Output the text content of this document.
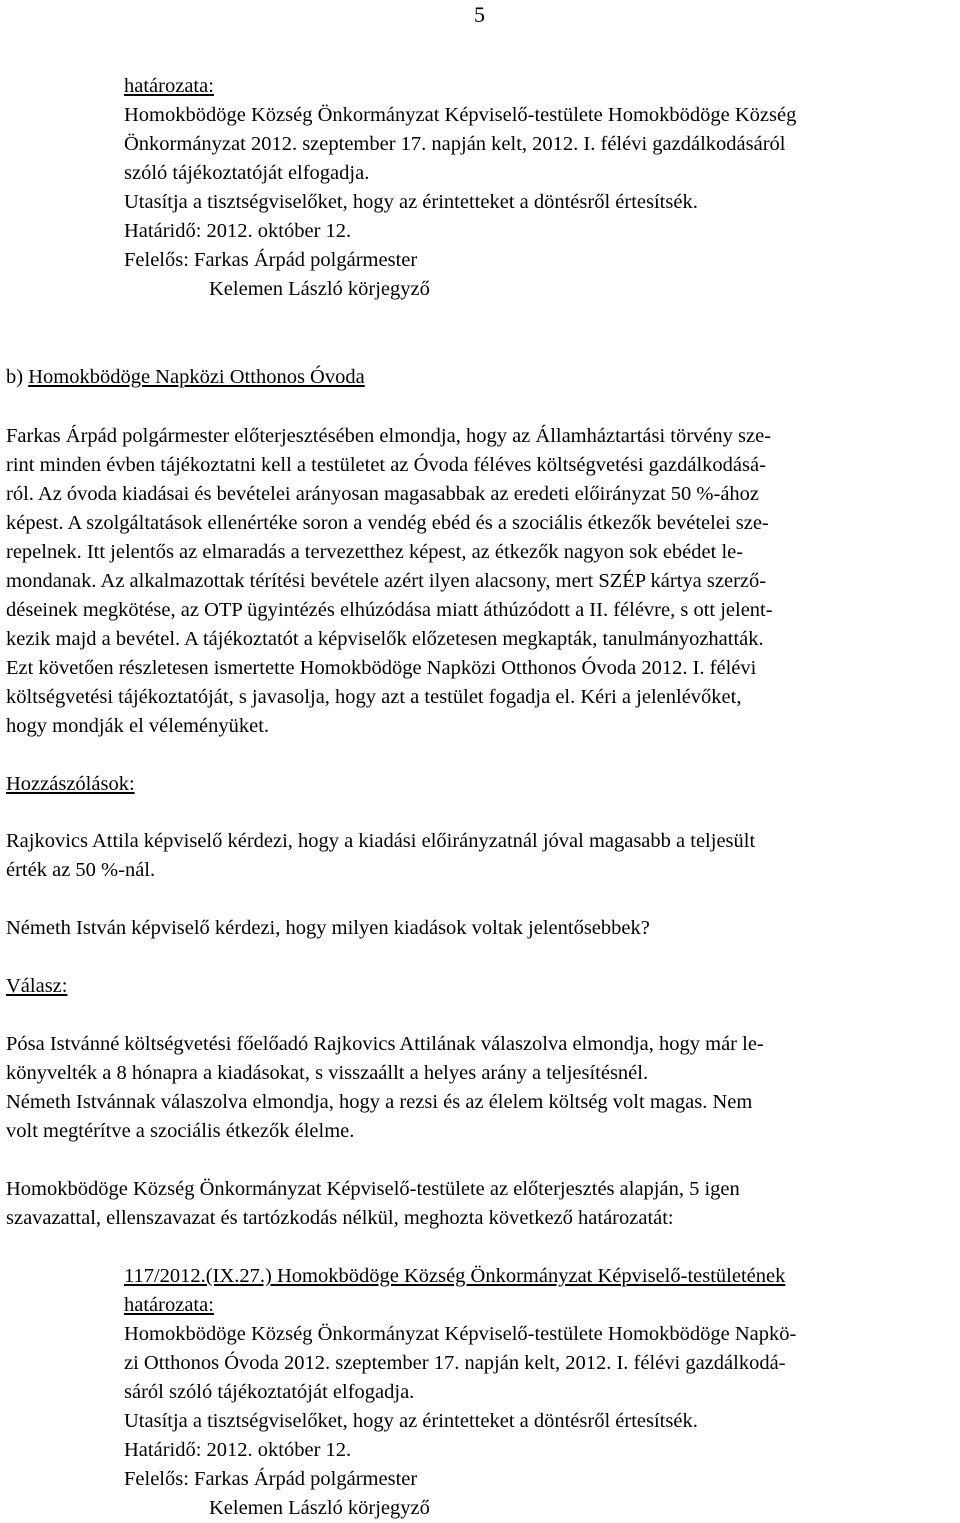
5
határozata:
Homokbödöge Község Önkormányzat Képviselő-testülete Homokbödöge Község
Önkormányzat 2012. szeptember 17. napján kelt, 2012. I. félévi gazdálkodásáról
szóló tájékoztatóját elfogadja.
Utasítja a tisztségviselőket, hogy az érintetteket a döntésről értesítsék.
Határidő: 2012. október 12.
Felelős: Farkas Árpád polgármester
Kelemen László körjegyző
b) Homokbödöge Napközi Otthonos Óvoda
Farkas Árpád polgármester előterjesztésében elmondja, hogy az Államháztartási törvény sze-
rint minden évben tájékoztatni kell a testületet az Óvoda féléves költségvetési gazdálkodásá-
ról. Az óvoda kiadásai és bevételei arányosan magasabbak az eredeti előirányzat 50 %-ához
képest. A szolgáltatások ellenértéke soron a vendég ebéd és a szociális étkezők bevételei sze-
repelnek. Itt jelentős az elmaradás a tervezetthez képest, az étkezők nagyon sok ebédet le-
mondanak. Az alkalmazottak térítési bevétele azért ilyen alacsony, mert SZÉP kártya szerző-
déseinek megkötése, az OTP ügyintézés elhúzódása miatt áthúzódott a II. félévre, s ott jelent-
kezik majd a bevétel. A tájékoztatót a képviselők előzetesen megkapták, tanulmányozhatták.
Ezt követően részletesen ismertette Homokbödöge Napközi Otthonos Óvoda 2012. I. félévi
költségvetési tájékoztatóját, s javasolja, hogy azt a testület fogadja el. Kéri a jelenlévőket,
hogy mondják el véleményüket.
Hozzászólások:
Rajkovics Attila képviselő kérdezi, hogy a kiadási előirányzatnál jóval magasabb a teljesült
érték az 50 %-nál.
Németh István képviselő kérdezi, hogy milyen kiadások voltak jelentősebbek?
Válasz:
Pósa Istvánné költségvetési főelőadó Rajkovics Attilának válaszolva elmondja, hogy már le-
könyvelték a 8 hónapra a kiadásokat, s visszaállt a helyes arány a teljesítésnél.
Németh Istvánnak válaszolva elmondja, hogy a rezsi és az élelem költség volt magas. Nem
volt megtérítve a szociális étkezők élelme.
Homokbödöge Község Önkormányzat Képviselő-testülete az előterjesztés alapján, 5 igen
szavazattal, ellenszavazat és tartózkodás nélkül, meghozta következő határozatát:
117/2012.(IX.27.) Homokbödöge Község Önkormányzat Képviselő-testületének
határozata:
Homokbödöge Község Önkormányzat Képviselő-testülete Homokbödöge Napkö-
zi Otthonos Óvoda 2012. szeptember 17. napján kelt, 2012. I. félévi gazdálkodá-
sáról szóló tájékoztatóját elfogadja.
Utasítja a tisztségviselőket, hogy az érintetteket a döntésről értesítsék.
Határidő: 2012. október 12.
Felelős: Farkas Árpád polgármester
Kelemen László körjegyző
